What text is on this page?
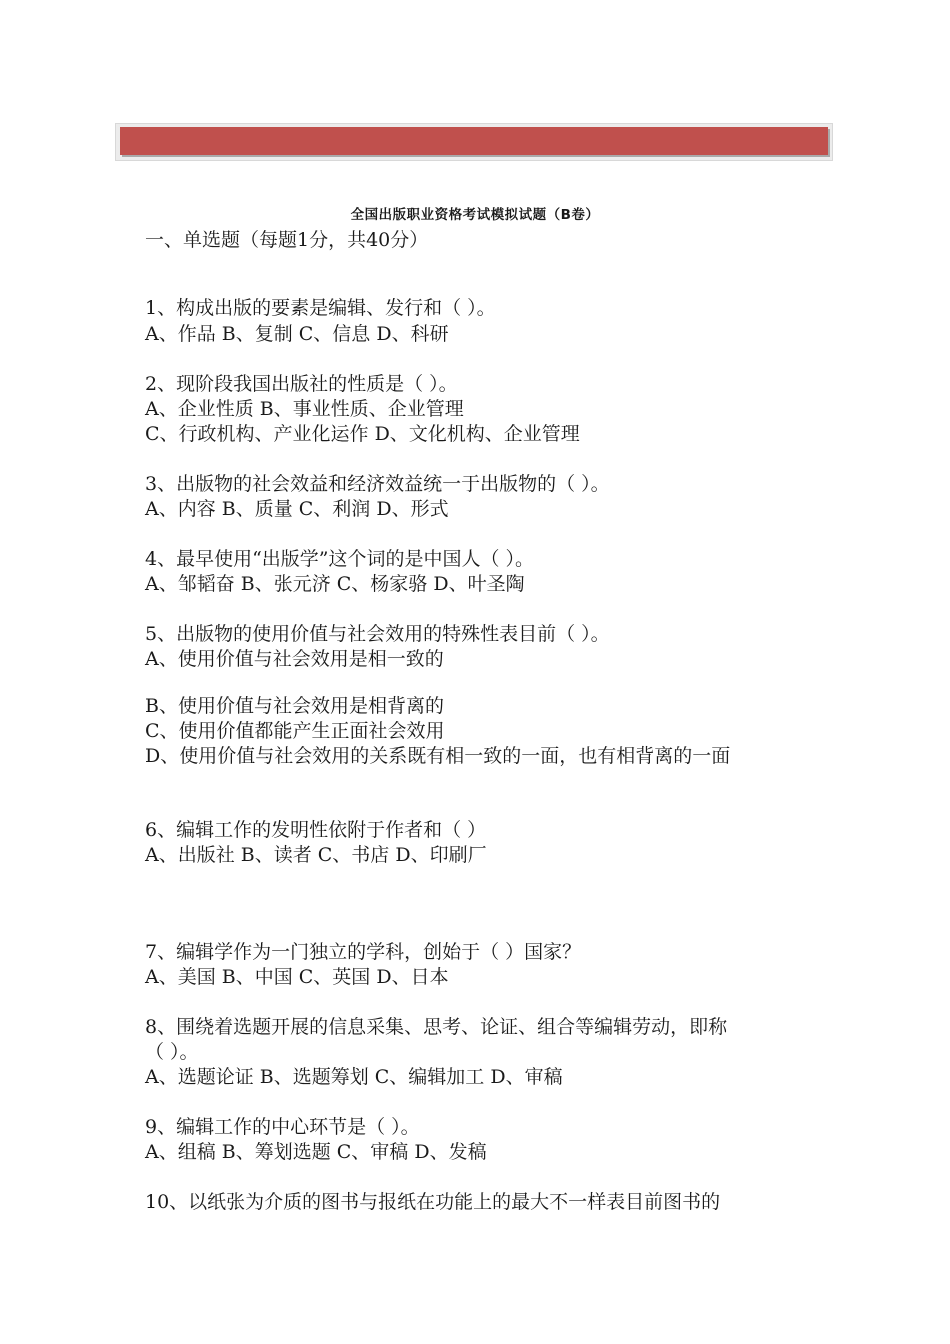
全国出版职业资格考试模拟试题（B卷）
一、单选题（每题1分，共40分）
1、构成出版的要素是编辑、发行和（ ）。
A、作品 B、复制 C、信息 D、科研
2、现阶段我国出版社的性质是（ ）。
A、企业性质 B、事业性质、企业管理
C、行政机构、产业化运作 D、文化机构、企业管理
3、出版物的社会效益和经济效益统一于出版物的（ ）。
A、内容 B、质量 C、利润 D、形式
4、最早使用“出版学”这个词的是中国人（ ）。
A、邹韬奋 B、张元济 C、杨家骆 D、叶圣陶
5、出版物的使用价值与社会效用的特殊性表目前（ ）。
A、使用价值与社会效用是相一致的
B、使用价值与社会效用是相背离的
C、使用价值都能产生正面社会效用
D、使用价值与社会效用的关系既有相一致的一面，也有相背离的一面
6、编辑工作的发明性依附于作者和（ ）
A、出版社 B、读者 C、书店 D、印刷厂
7、编辑学作为一门独立的学科，创始于（ ）国家？
A、美国 B、中国 C、英国 D、日本
8、围绕着选题开展的信息采集、思考、论证、组合等编辑劳动，即称
（ ）。
A、选题论证 B、选题筹划 C、编辑加工 D、审稿
9、编辑工作的中心环节是（ ）。
A、组稿 B、筹划选题 C、审稿 D、发稿
10、以纸张为介质的图书与报纸在功能上的最大不一样表目前图书的
